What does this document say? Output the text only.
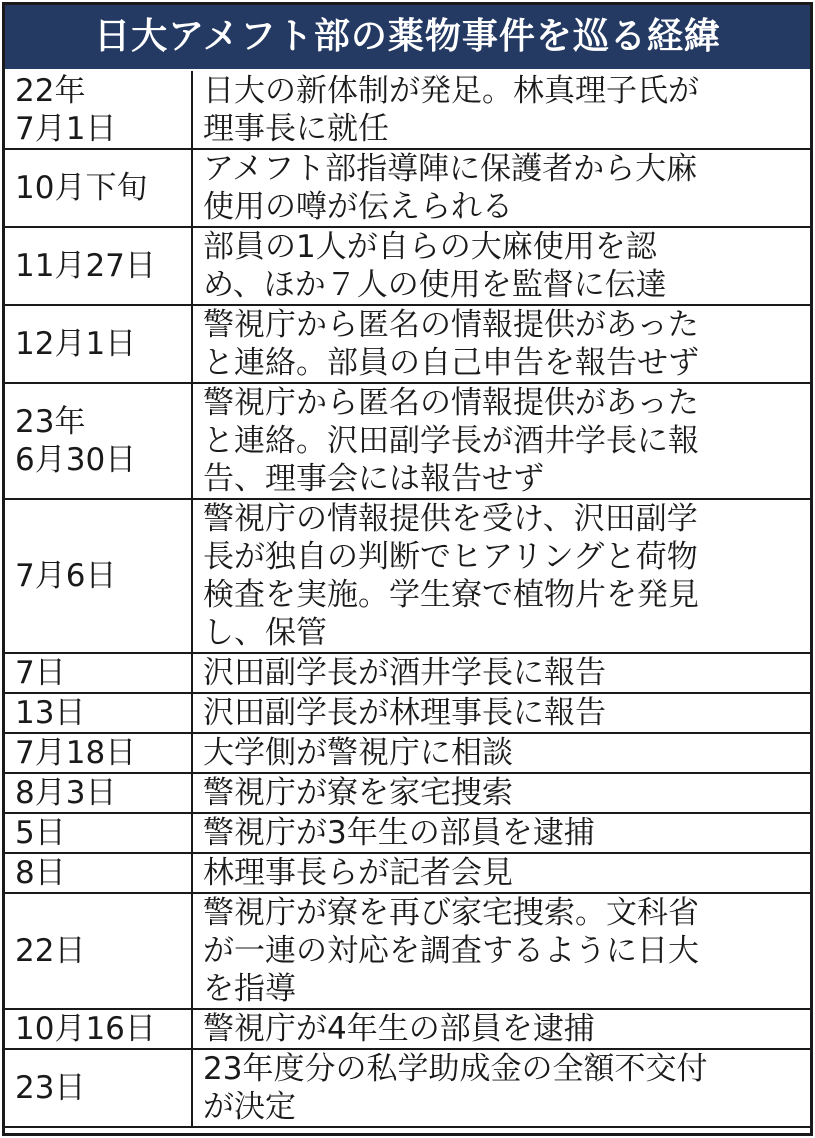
日大アメフト部の薬物事件を巡る経緯
22年
7月1日	日大の新体制が発足。林真理子氏が
理事長に就任
10月下旬	アメフト部指導陣に保護者から大麻
使用の噂が伝えられる
11月27日	部員の1人が自らの大麻使用を認
め、ほか７人の使用を監督に伝達
12月1日	警視庁から匿名の情報提供があった
と連絡。部員の自己申告を報告せず
23年
6月30日	警視庁から匿名の情報提供があった
と連絡。沢田副学長が酒井学長に報
告、理事会には報告せず
7月6日	警視庁の情報提供を受け、沢田副学
長が独自の判断でヒアリングと荷物
検査を実施。学生寮で植物片を発見
し、保管
7日	沢田副学長が酒井学長に報告
13日	沢田副学長が林理事長に報告
7月18日	大学側が警視庁に相談
8月3日	警視庁が寮を家宅捜索
5日	警視庁が3年生の部員を逮捕
8日	林理事長らが記者会見
22日	警視庁が寮を再び家宅捜索。文科省
が一連の対応を調査するように日大
を指導
10月16日	警視庁が4年生の部員を逮捕
23日	23年度分の私学助成金の全額不交付
が決定
